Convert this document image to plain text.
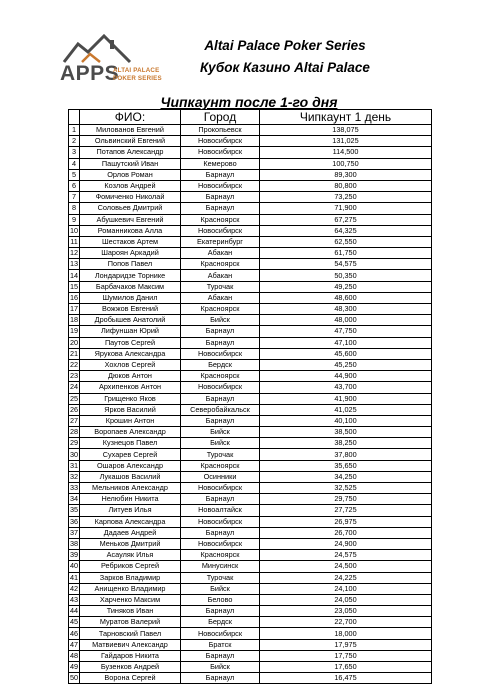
APPS
ALTAI PALACE
POKER SERIES
Altai Palace Poker Series
Кубок Казино Altai Palace
Чипкаунт после 1-го дня
	ФИО:	Город	Чипкаунт 1 день
1	Милованов Евгений	Прокопьевск	138,075
2	Ольвинский Евгений	Новосибирск	131,025
3	Потапов Александр	Новосибирск	114,500
4	Пашутский Иван	Кемерово	100,750
5	Орлов Роман	Барнаул	89,300
6	Козлов Андрей	Новосибирск	80,800
7	Фомиченко Николай	Барнаул	73,250
8	Соловьев Дмитрий	Барнаул	71,900
9	Абушкевич Евгений	Красноярск	67,275
10	Романникова Алла	Новосибирск	64,325
11	Шестаков Артем	Екатеринбург	62,550
12	Шароян Аркадий	Абакан	61,750
13	Попов Павел	Красноярск	54,575
14	Лондаридзе Торнике	Абакан	50,350
15	Барбачаков Максим	Турочак	49,250
16	Шумилов Данил	Абакан	48,600
17	Вожжов Евгений	Красноярск	48,300
18	Дробышев Анатолий	Бийск	48,000
19	Лифуншан Юрий	Барнаул	47,750
20	Паутов Сергей	Барнаул	47,100
21	Ярукова Александра	Новосибирск	45,600
22	Хохлов Сергей	Бердск	45,250
23	Дюков Антон	Красноярск	44,900
24	Архипенков Антон	Новосибирск	43,700
25	Грищенко Яков	Барнаул	41,900
26	Ярков Василий	Северобайкальск	41,025
27	Крошин Антон	Барнаул	40,100
28	Воропаев Александр	Бийск	38,500
29	Кузнецов Павел	Бийск	38,250
30	Сухарев Сергей	Турочак	37,800
31	Ошаров Александр	Красноярск	35,650
32	Лукашов Василий	Осинники	34,250
33	Мельников Александр	Новосибирск	32,525
34	Нелюбин Никита	Барнаул	29,750
35	Литуев Илья	Новоалтайск	27,725
36	Карпова Александра	Новосибирск	26,975
37	Дадаев Андрей	Барнаул	26,700
38	Меньков Дмитрий	Новосибирск	24,900
39	Асауляк Илья	Красноярск	24,575
40	Ребриков Сергей	Минусинск	24,500
41	Зарков Владимир	Турочак	24,225
42	Анищенко Владимир	Бийск	24,100
43	Харченко Максим	Белово	24,050
44	Тиняков Иван	Барнаул	23,050
45	Муратов Валерий	Бердск	22,700
46	Тарновский Павел	Новосибирск	18,000
47	Матвиевич Александр	Братск	17,975
48	Гайдаров Никита	Барнаул	17,750
49	Бузенков Андрей	Бийск	17,650
50	Ворона Сергей	Барнаул	16,475
